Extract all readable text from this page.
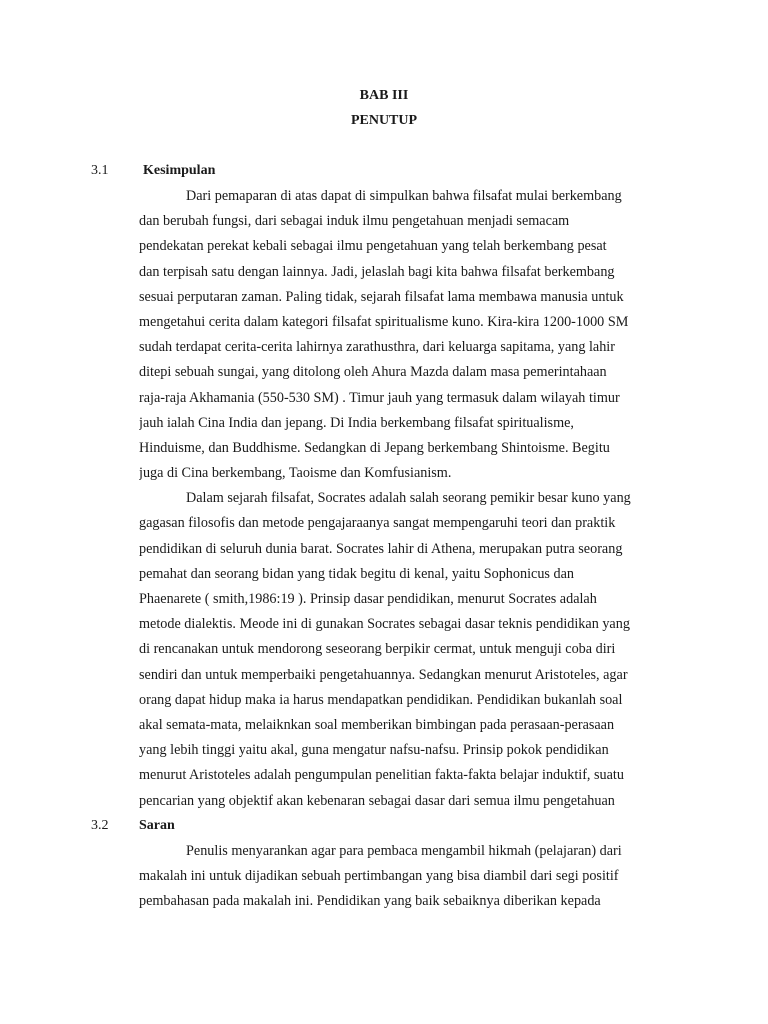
BAB III
PENUTUP
3.1 Kesimpulan
Dari pemaparan di atas dapat di simpulkan bahwa filsafat mulai berkembang
dan berubah fungsi, dari sebagai induk ilmu pengetahuan menjadi semacam
pendekatan perekat kebali sebagai ilmu pengetahuan yang telah berkembang pesat
dan terpisah satu dengan lainnya. Jadi, jelaslah bagi kita bahwa filsafat berkembang
sesuai perputaran zaman. Paling tidak, sejarah filsafat lama membawa manusia untuk
mengetahui cerita dalam kategori filsafat spiritualisme kuno. Kira-kira 1200-1000 SM
sudah terdapat cerita-cerita lahirnya zarathusthra, dari keluarga sapitama, yang lahir
ditepi sebuah sungai, yang ditolong oleh Ahura Mazda dalam masa pemerintahaan
raja-raja Akhamania (550-530 SM) . Timur jauh yang termasuk dalam wilayah timur
jauh ialah Cina India dan jepang. Di India berkembang filsafat spiritualisme,
Hinduisme, dan Buddhisme. Sedangkan di Jepang berkembang Shintoisme. Begitu
juga di Cina berkembang, Taoisme dan Komfusianism.
Dalam sejarah filsafat, Socrates adalah salah seorang pemikir besar kuno yang
gagasan filosofis dan metode pengajaraanya sangat mempengaruhi teori dan praktik
pendidikan di seluruh dunia barat. Socrates lahir di Athena, merupakan putra seorang
pemahat dan seorang bidan yang tidak begitu di kenal, yaitu Sophonicus dan
Phaenarete ( smith,1986:19 ). Prinsip dasar pendidikan, menurut Socrates adalah
metode dialektis. Meode ini di gunakan Socrates sebagai dasar teknis pendidikan yang
di rencanakan untuk mendorong seseorang berpikir cermat, untuk menguji coba diri
sendiri dan untuk memperbaiki pengetahuannya. Sedangkan menurut Aristoteles, agar
orang dapat hidup maka ia harus mendapatkan pendidikan. Pendidikan bukanlah soal
akal semata-mata, melaiknkan soal memberikan bimbingan pada perasaan-perasaan
yang lebih tinggi yaitu akal, guna mengatur nafsu-nafsu. Prinsip pokok pendidikan
menurut Aristoteles adalah pengumpulan penelitian fakta-fakta belajar induktif, suatu
pencarian yang objektif akan kebenaran sebagai dasar dari semua ilmu pengetahuan
3.2 Saran
Penulis menyarankan agar para pembaca mengambil hikmah (pelajaran) dari
makalah ini untuk dijadikan sebuah pertimbangan yang bisa diambil dari segi positif
pembahasan pada makalah ini. Pendidikan yang baik sebaiknya diberikan kepada
